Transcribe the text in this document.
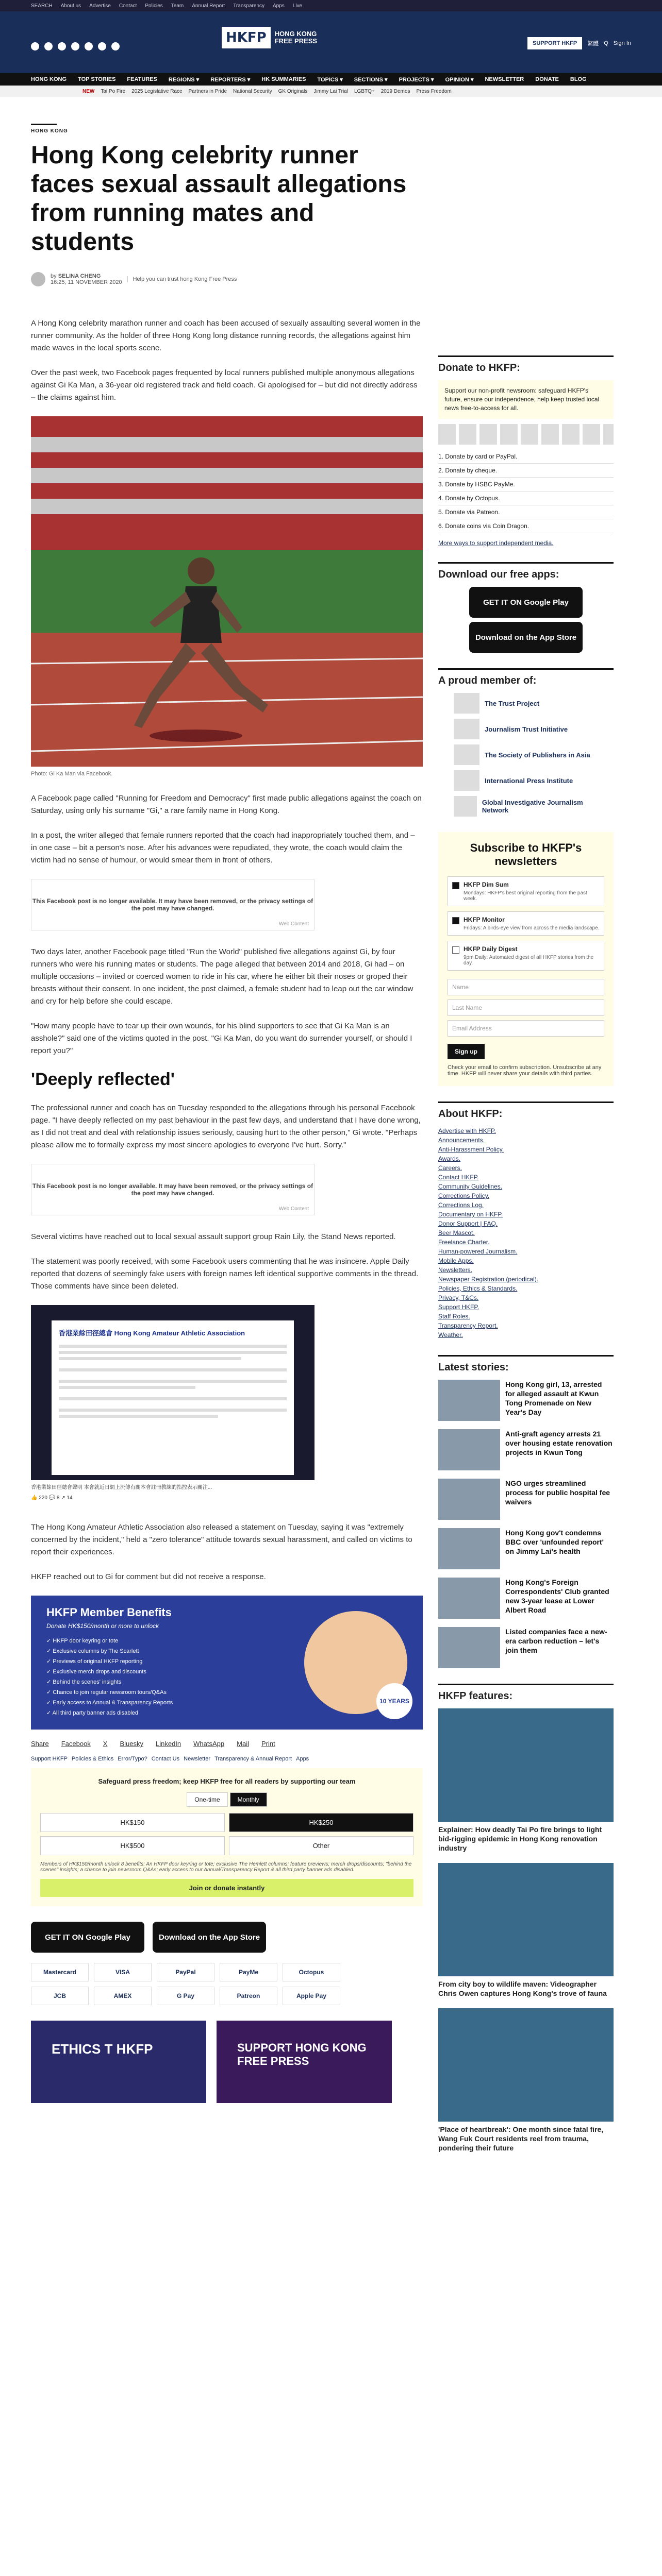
SEARCH About us Advertise Contact Policies Team Annual Report Transparency Apps Live
HKFP	HONG KONG
FREE PRESS	SUPPORT HKFP	繁體 Q Sign In
HONG KONG TOP STORIES FEATURES REGIONS ▾ REPORTERS ▾ HK SUMMARIES TOPICS ▾ SECTIONS ▾ PROJECTS ▾ OPINION ▾ NEWSLETTER DONATE BLOG
NEW Tai Po Fire 2025 Legislative Race Partners in Pride National Security GK Originals Jimmy Lai Trial LGBTQ+ 2019 Demos Press Freedom
HONG KONG
Hong Kong celebrity runner faces sexual assault allegations from running mates and students
by SELINA CHENG
16:25, 11 NOVEMBER 2020	Help you can trust hong Kong Free Press

A Hong Kong celebrity marathon runner and coach has been accused of sexually assaulting several women in the runner community. As the holder of three Hong Kong long distance running records, the allegations against him made waves in the local sports scene.

Over the past week, two Facebook pages frequented by local runners published multiple anonymous allegations against Gi Ka Man, a 36-year old registered track and field coach. Gi apologised for – but did not directly address – the claims against him.

Photo: Gi Ka Man via Facebook.

A Facebook page called "Running for Freedom and Democracy" first made public allegations against the coach on Saturday, using only his surname "Gi," a rare family name in Hong Kong.

In a post, the writer alleged that female runners reported that the coach had inappropriately touched them, and – in one case – bit a person's nose. After his advances were repudiated, they wrote, the coach would claim the victim had no sense of humour, or would smear them in front of others.

This Facebook post is no longer available. It may have been removed, or the privacy settings of the post may have changed.
Web Content

Two days later, another Facebook page titled "Run the World" published five allegations against Gi, by four runners who were his running mates or students. The page alleged that between 2014 and 2018, Gi had – on multiple occasions – invited or coerced women to ride in his car, where he either bit their noses or groped their breasts without their consent. In one incident, the post claimed, a female student had to leap out the car window and cry for help before she could escape.

"How many people have to tear up their own wounds, for his blind supporters to see that Gi Ka Man is an asshole?" said one of the victims quoted in the post. "Gi Ka Man, do you want do surrender yourself, or should I report you?"

'Deeply reflected'

The professional runner and coach has on Tuesday responded to the allegations through his personal Facebook page. "I have deeply reflected on my past behaviour in the past few days, and understand that I have done wrong, as I did not treat and deal with relationship issues seriously, causing hurt to the other person," Gi wrote. "Perhaps please allow me to formally express my most sincere apologies to everyone I've hurt. Sorry."

This Facebook post is no longer available. It may have been removed, or the privacy settings of the post may have changed.
Web Content

Several victims have reached out to local sexual assault support group Rain Lily, the Stand News reported.

The statement was poorly received, with some Facebook users commenting that he was insincere. Apple Daily reported that dozens of seemingly fake users with foreign names left identical supportive comments in the thread. Those comments have since been deleted.

香港業餘田徑總會 Hong Kong Amateur Athletic Association
香港業餘田徑總會聲明 本會就近日網上流傳有關本會註冊教練的指控表示關注...
👍 220 💬 8 ↗ 14

The Hong Kong Amateur Athletic Association also released a statement on Tuesday, saying it was "extremely concerned by the incident," held a "zero tolerance" attitude towards sexual harassment, and called on victims to report their experiences.

HKFP reached out to Gi for comment but did not receive a response.

HKFP Member Benefits
Donate HK$150/month or more to unlock
✓ HKFP door keyring or tote
✓ Exclusive columns by The Scarlett
✓ Previews of original HKFP reporting
✓ Exclusive merch drops and discounts
✓ Behind the scenes' insights
✓ Chance to join regular newsroom tours/Q&As
✓ Early access to Annual & Transparency Reports
✓ All third party banner ads disabled
10 YEARS
Share Facebook X Bluesky LinkedIn WhatsApp Mail Print
Support HKFP Policies & Ethics Error/Typo? Contact Us Newsletter Transparency & Annual Report Apps
Safeguard press freedom; keep HKFP free for all readers by supporting our team
One-time	Monthly
HK$150	HK$250
HK$500	Other
Members of HK$150/month unlock 8 benefits: An HKFP door keyring or tote; exclusive The Hemlett columns; feature previews; merch drops/discounts; "behind the scenes" insights; a chance to join newsroom Q&As; early access to our Annual/Transparency Report & all third party banner ads disabled.
Join or donate instantly
GET IT ON Google Play	Download on the App Store
Mastercard	VISA	PayPal	PayMe	Octopus
JCB	AMEX	G Pay	Patreon	Apple Pay
ETHICS T HKFP	SUPPORT HONG KONG FREE PRESS
Donate to HKFP:
Support our non-profit newsroom: safeguard HKFP's future, ensure our independence, help keep trusted local news free-to-access for all.
1. Donate by card or PayPal.
2. Donate by cheque.
3. Donate by HSBC PayMe.
4. Donate by Octopus.
5. Donate via Patreon.
6. Donate coins via Coin Dragon.
More ways to support independent media.
Download our free apps:
GET IT ON Google Play
Download on the App Store
A proud member of:
The Trust Project
Journalism Trust Initiative
The Society of Publishers in Asia
International Press Institute
Global Investigative Journalism Network
Subscribe to HKFP's newsletters
HKFP Dim Sum
Mondays: HKFP's best original reporting from the past week.
HKFP Monitor
Fridays: A birds-eye view from across the media landscape.
HKFP Daily Digest
9pm Daily: Automated digest of all HKFP stories from the day.
Name
Last Name
Email Address
Sign up
Check your email to confirm subscription. Unsubscribe at any time. HKFP will never share your details with third parties.
About HKFP:
Advertise with HKFP.
Announcements.
Anti-Harassment Policy.
Awards.
Careers.
Contact HKFP.
Community Guidelines.
Corrections Policy.
Corrections Log.
Documentary on HKFP.
Donor Support | FAQ.
Beer Mascot.
Freelance Charter.
Human-powered Journalism.
Mobile Apps.
Newsletters.
Newspaper Registration (periodical).
Policies, Ethics & Standards.
Privacy, T&Cs.
Support HKFP.
Staff Roles.
Transparency Report.
Weather.
Latest stories:
Hong Kong girl, 13, arrested for alleged assault at Kwun Tong Promenade on New Year's Day
Anti-graft agency arrests 21 over housing estate renovation projects in Kwun Tong
NGO urges streamlined process for public hospital fee waivers
Hong Kong gov't condemns BBC over 'unfounded report' on Jimmy Lai's health
Hong Kong's Foreign Correspondents' Club granted new 3-year lease at Lower Albert Road
Listed companies face a new-era carbon reduction – let's join them
HKFP features:
Explainer: How deadly Tai Po fire brings to light bid-rigging epidemic in Hong Kong renovation industry
From city boy to wildlife maven: Videographer Chris Owen captures Hong Kong's trove of fauna
'Place of heartbreak': One month since fatal fire, Wang Fuk Court residents reel from trauma, pondering their future
